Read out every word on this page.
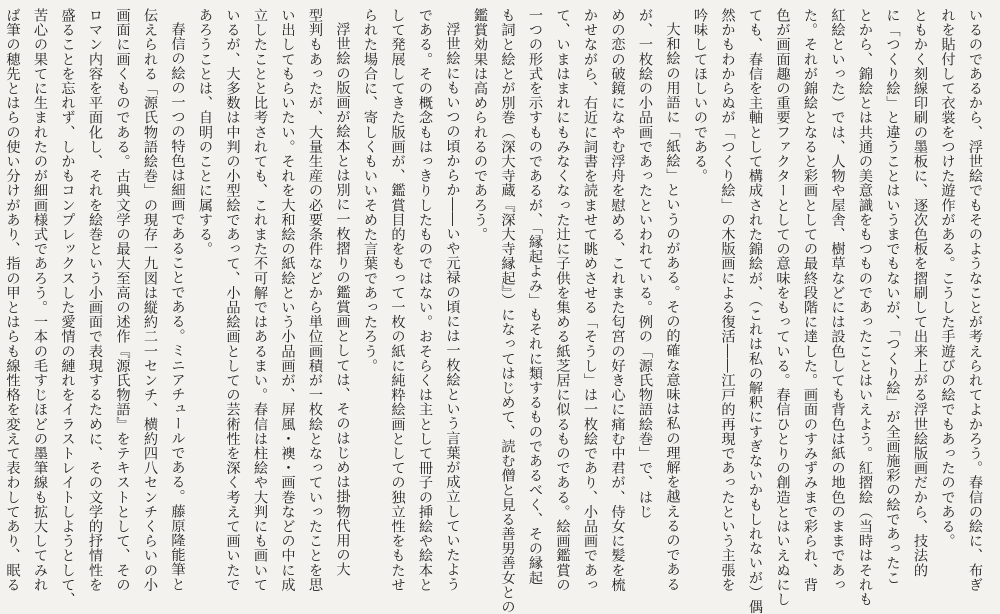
いるのであるから、浮世絵でもそのようなことが考えられてよかろう。春信の絵に、布ぎ
れを貼付して衣裳をつけた遊作がある。こうした手遊びの絵でもあったのである。
ともかく刻線印刷の墨板に、逐次色板を摺刷して出来上がる浮世絵版画だから、技法的
に「つくり絵」と違うことはいうまでもないが、「つくり絵」が全画施彩の絵であったこ
とから、錦絵とは共通の美意識をもつものであったことはいえよう。紅摺絵（当時はそれも
紅絵といった）では、人物や屋舎、樹草などには設色しても背色は紙の地色のままであっ
た。それが錦絵となると彩画としての最終段階に達した。画面のすみずみまで彩られ、背
色が画面趣の重要ファクターとしての意味をもっている。春信ひとりの創造とはいえぬにし
ても、春信を主軸として構成された錦絵が、（これは私の解釈にすぎないかもしれないが）偶
然かもわからぬが「つくり絵」の木版画による復活――江戸的再現であったという主張を
吟味してほしいのである。
大和絵の用語に「紙絵」というのがある。その的確な意味は私の理解を越えるのである
が、一枚絵の小品画であったといわれている。例の「源氏物語絵巻」で、はじ
めの恋の破鏡になやむ浮舟を慰める、これまた匂宮の好き心に痛む中君が、侍女に髪を梳
かせながら、右近に詞書を読ませて眺めさせる「そうし」は一枚絵であり、小品画であっ
て、いまはまれにもみなくなった辻に子供を集める紙芝居に似るものである。絵画鑑賞の
一つの形式を示すものであるが、「縁起よみ」もそれに類するものであるべく、その縁起
も詞と絵とが別巻（深大寺蔵『深大寺縁起』）になってはじめて、読む僧と見る善男善女との
鑑賞効果は高められるのであろう。
浮世絵にもいつの頃からか――いや元禄の頃には一枚絵という言葉が成立していたよう
である。その概念もはっきりしたものではない。おそらくは主として冊子の挿絵や絵本と
して発展してきた版画が、鑑賞目的をもって一枚の紙に純粋絵画としての独立性をもたせ
られた場合に、寄しくもいいそめた言葉であったろう。
浮世絵の版画が絵本とは別に一枚摺りの鑑賞画としては、そのはじめは掛物代用の大
型判もあったが、大量生産の必要条件などから単位画積が一枚絵となっていったことを思
い出してもらいたい。それを大和絵の紙絵という小品画が、屏風・襖・画巻などの中に成
立したことと比考されても、これまた不可解ではあるまい。春信は柱絵や大判にも画いて
いるが、大多数は中判の小型絵であって、小品絵画としての芸術性を深く考えて画いたで
あろうことは、自明のことに属する。
春信の絵の一つの特色は細画であることである。ミニアチュールである。藤原隆能筆と
伝えられる「源氏物語絵巻」の現存一九図は縦約二一センチ、横約四八センチくらいの小
画面に画くものである。古典文学の最大至高の述作『源氏物語』をテキストとして、その
ロマン内容を平面化し、それを絵巻という小画面で表現するために、その文学的抒情性を
盛ることを忘れず、しかもコンプレックスした愛情の縺れをイラストレイトしようとして、
苦心の果てに生まれたのが細画様式であろう。一本の毛すじほどの墨筆線も拡大してみれ
ば筆の穂先とはらの使い分けがあり、指の甲とはらも線性格を変えて表わしてあり、眠る
